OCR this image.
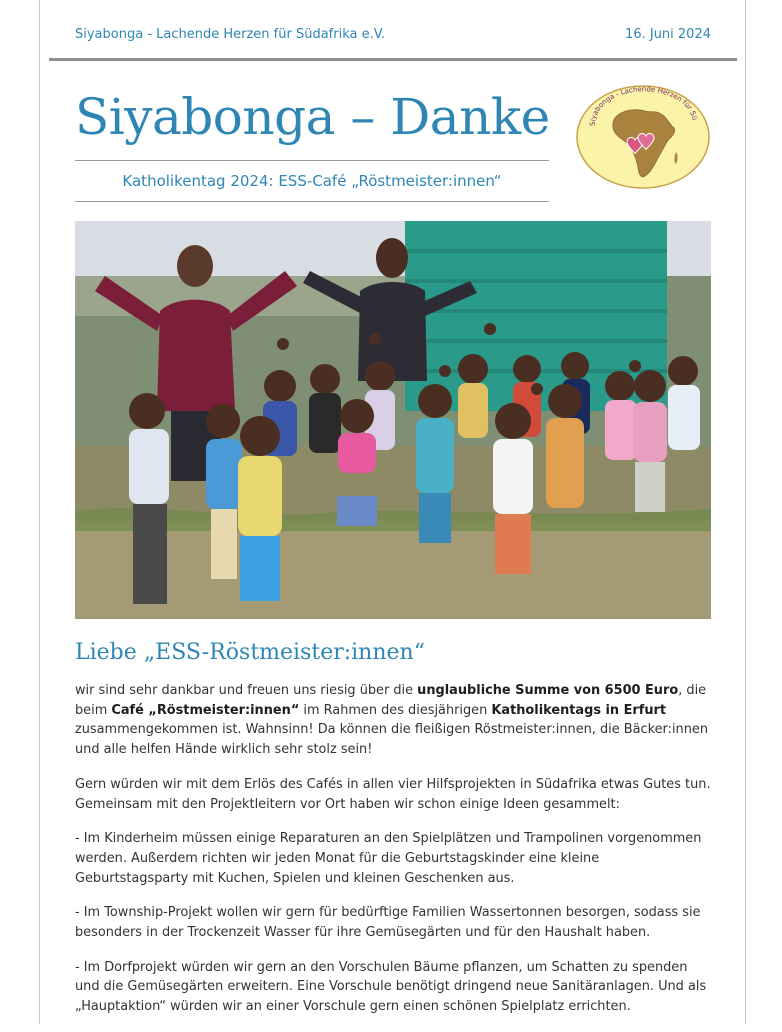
Siyabonga - Lachende Herzen für Südafrika e.V.	16. Juni 2024
Siyabonga – Danke
Katholikentag 2024: ESS-Café „Röstmeister:innen“
Siyabonga - Lachende Herzen für Sü
Liebe „ESS-Röstmeister:innen“

wir sind sehr dankbar und freuen uns riesig über die unglaubliche Summe von 6500 Euro, die beim Café „Röstmeister:innen“ im Rahmen des diesjährigen Katholikentags in Erfurt zusammengekommen ist. Wahnsinn! Da können die fleißigen Röstmeister:innen, die Bäcker:innen und alle helfen Hände wirklich sehr stolz sein!

Gern würden wir mit dem Erlös des Cafés in allen vier Hilfsprojekten in Südafrika etwas Gutes tun. Gemeinsam mit den Projektleitern vor Ort haben wir schon einige Ideen gesammelt:

- Im Kinderheim müssen einige Reparaturen an den Spielplätzen und Trampolinen vorgenommen werden. Außerdem richten wir jeden Monat für die Geburtstagskinder eine kleine Geburtstagsparty mit Kuchen, Spielen und kleinen Geschenken aus.

- Im Township-Projekt wollen wir gern für bedürftige Familien Wassertonnen besorgen, sodass sie besonders in der Trockenzeit Wasser für ihre Gemüsegärten und für den Haushalt haben.

- Im Dorfprojekt würden wir gern an den Vorschulen Bäume pflanzen, um Schatten zu spenden und die Gemüsegärten erweitern. Eine Vorschule benötigt dringend neue Sanitäranlagen. Und als „Hauptaktion“ würden wir an einer Vorschule gern einen schönen Spielplatz errichten.
